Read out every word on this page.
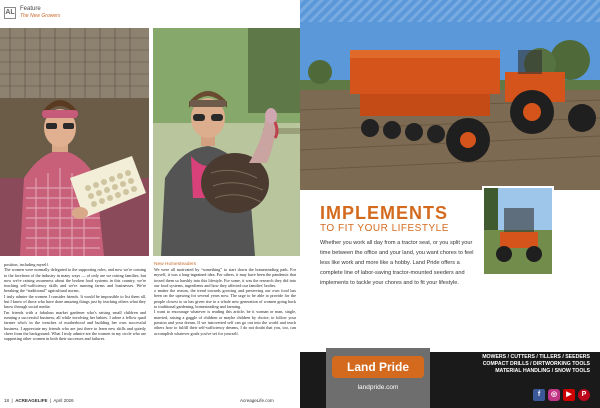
AL Feature
The New Growers

position, including myself.

The women were normally delegated to the supporting roles, and now we're coming to the forefront of the industry in many ways — of only are we raising families, but now we're raising awareness about the broken food systems in this country, we're teaching self-sufficiency skills and we're running farms and businesses. We're breaking the “traditional” agricultural norms.

I truly admire the women I consider friends. It would be impossible to list them all, but I know of those who have done amazing things just by teaching others what they know through social media.

I'm friends with a fabulous market gardener who's raising small children and running a successful business, all while involving her babies. I adore a fellow quail farmer who's in the trenches of motherhood and building her own successful business. I appreciate my friends who are just there to learn new skills and quietly cheer from the background. What I truly admire are the women in my circle who are supporting other women in both their successes and failures.

New Homesteaders

We were all motivated by “something” to start down the homesteading path. For myself, it was a long-ingrained idea. For others, it may have been the pandemic that tossed them so harshly into this lifestyle. For some, it was the research they did into our food systems, ingredients and how they affected our families' bodies.

o matter the reason, the trend towards growing and preserving our own food has been on the upswing for several years now. The urge to be able to provide for the people closest to us has given rise to a whole new generation of women going back to traditional gardening, homesteading and farming.

I want to encourage whatever is reading this article, be it woman or man, single, married, raising a gaggle of children or maybe children by choice, to follow your passion and your dream. If we introverted self can go out into the world and teach others how to fulfill their self-sufficiency dreams, I do not doubt that you, too, can accomplish whatever goals you've set for yourself.

18  |  ACREAGELIFE  |  April 2026	AcreageLife.com
IMPLEMENTS
TO FIT YOUR LIFESTYLE
Whether you work all day from a tractor seat, or you split your time between the office and your land, you want chores to feel less like work and more like a hobby. Land Pride offers a complete line of labor-saving tractor-mounted seeders and implements to tackle your chores and to fit your lifestyle.
Land Pride
landpride.com
MOWERS / CUTTERS / TILLERS / SEEDERS
COMPACT DRILLS / DIRTWORKING TOOLS
MATERIAL HANDLING / SNOW TOOLS
f	◎	▶	P
